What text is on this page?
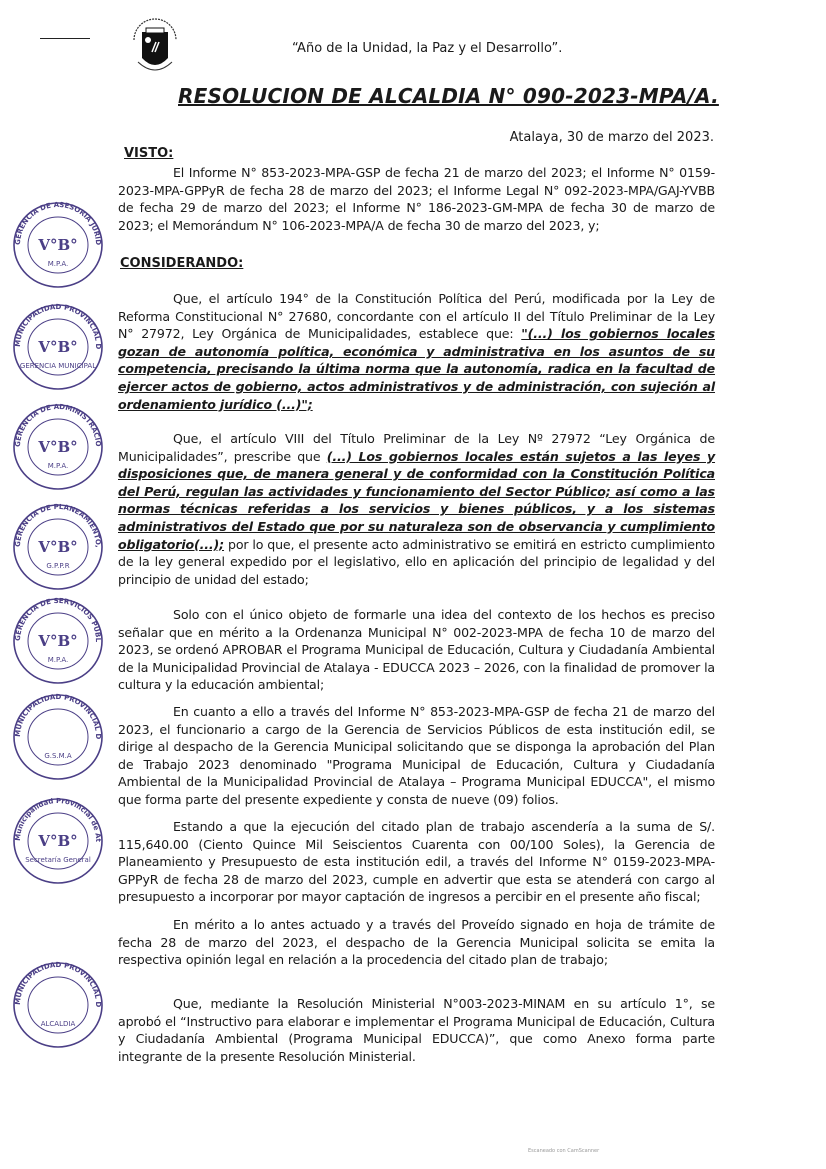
“Año de la Unidad, la Paz y el Desarrollo”.
RESOLUCION DE ALCALDIA N° 090-2023-MPA/A.
Atalaya, 30 de marzo del 2023.
VISTO:

El Informe N° 853-2023-MPA-GSP de fecha 21 de marzo del 2023; el Informe N° 0159-2023-MPA-GPPyR de fecha 28 de marzo del 2023; el Informe Legal N° 092-2023-MPA/GAJ-YVBB de fecha 29 de marzo del 2023; el Informe N° 186-2023-GM-MPA de fecha 30 de marzo de 2023; el Memorándum N° 106-2023-MPA/A de fecha 30 de marzo del 2023, y;

CONSIDERANDO:

Que, el artículo 194° de la Constitución Política del Perú, modificada por la Ley de Reforma Constitucional N° 27680, concordante con el artículo II del Título Preliminar de la Ley N° 27972, Ley Orgánica de Municipalidades, establece que: "(...) los gobiernos locales gozan de autonomía política, económica y administrativa en los asuntos de su competencia, precisando la última norma que la autonomía, radica en la facultad de ejercer actos de gobierno, actos administrativos y de administración, con sujeción al ordenamiento jurídico (...)";

Que, el artículo VIII del Título Preliminar de la Ley Nº 27972 “Ley Orgánica de Municipalidades”, prescribe que (...) Los gobiernos locales están sujetos a las leyes y disposiciones que, de manera general y de conformidad con la Constitución Política del Perú, regulan las actividades y funcionamiento del Sector Público; así como a las normas técnicas referidas a los servicios y bienes públicos, y a los sistemas administrativos del Estado que por su naturaleza son de observancia y cumplimiento obligatorio(...); por lo que, el presente acto administrativo se emitirá en estricto cumplimiento de la ley general expedido por el legislativo, ello en aplicación del principio de legalidad y del principio de unidad del estado;

Solo con el único objeto de formarle una idea del contexto de los hechos es preciso señalar que en mérito a la Ordenanza Municipal N° 002-2023-MPA de fecha 10 de marzo del 2023, se ordenó APROBAR el Programa Municipal de Educación, Cultura y Ciudadanía Ambiental de la Municipalidad Provincial de Atalaya - EDUCCA 2023 – 2026, con la finalidad de promover la cultura y la educación ambiental;

En cuanto a ello a través del Informe N° 853-2023-MPA-GSP de fecha 21 de marzo del 2023, el funcionario a cargo de la Gerencia de Servicios Públicos de esta institución edil, se dirige al despacho de la Gerencia Municipal solicitando que se disponga la aprobación del Plan de Trabajo 2023 denominado "Programa Municipal de Educación, Cultura y Ciudadanía Ambiental de la Municipalidad Provincial de Atalaya – Programa Municipal EDUCCA", el mismo que forma parte del presente expediente y consta de nueve (09) folios.

Estando a que la ejecución del citado plan de trabajo ascendería a la suma de S/. 115,640.00 (Ciento Quince Mil Seiscientos Cuarenta con 00/100 Soles), la Gerencia de Planeamiento y Presupuesto de esta institución edil, a través del Informe N° 0159-2023-MPA-GPPyR de fecha 28 de marzo del 2023, cumple en advertir que esta se atenderá con cargo al presupuesto a incorporar por mayor captación de ingresos a percibir en el presente año fiscal;

En mérito a lo antes actuado y a través del Proveído signado en hoja de trámite de fecha 28 de marzo del 2023, el despacho de la Gerencia Municipal solicita se emita la respectiva opinión legal en relación a la procedencia del citado plan de trabajo;

Que, mediante la Resolución Ministerial N°003-2023-MINAM en su artículo 1°, se aprobó el “Instructivo para elaborar e implementar el Programa Municipal de Educación, Cultura y Ciudadanía Ambiental (Programa Municipal EDUCCA)”, que como Anexo forma parte integrante de la presente Resolución Ministerial.

GERENCIA DE ASESORIA JURID
V°B°
M.P.A.
MUNICIPALIDAD PROVINCIAL D
V°B°
GERENCIA MUNICIPAL
GERENCIA DE ADMINISTRACIO
V°B°
M.P.A.
GERENCIA DE PLANEAMIENTO,
V°B°
G.P.P.R
GERENCIA DE SERVICIOS PUBL
V°B°
M.P.A.
MUNICIPALIDAD PROVINCIAL D
G.S.M.A
Municipalidad Provincial de At
V°B°
Secretaría General
MUNICIPALIDAD PROVINCIAL D
ALCALDIA
Escaneado con CamScanner
